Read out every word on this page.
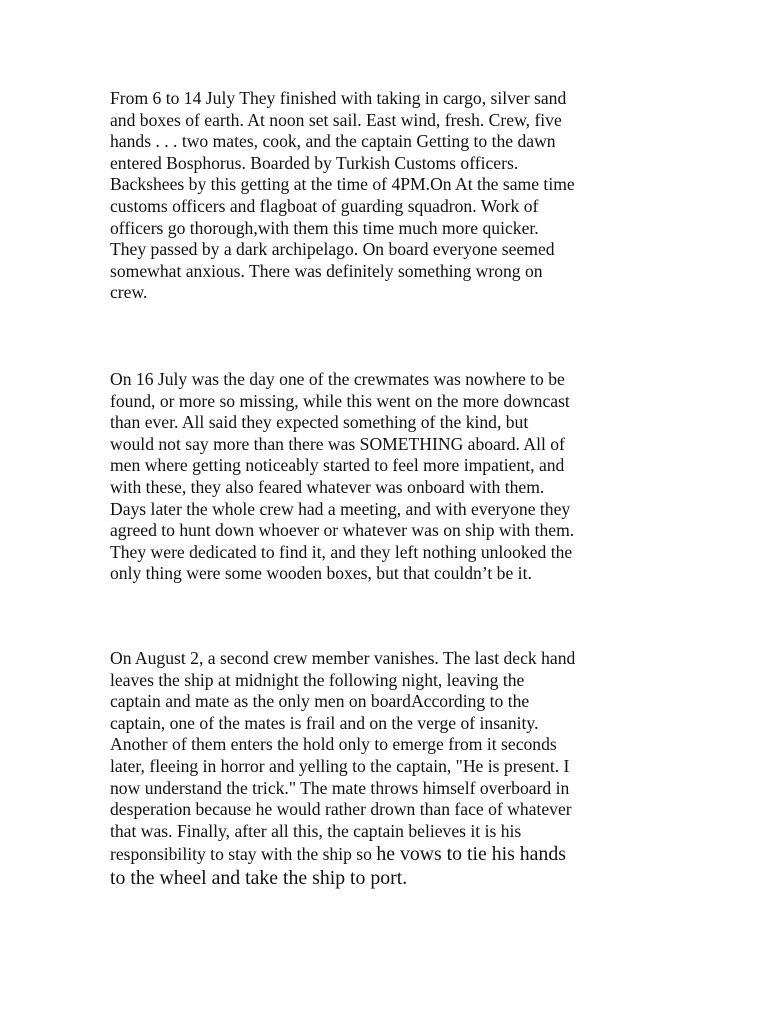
From 6 to 14 July They finished with taking in cargo, silver sand
and boxes of earth. At noon set sail. East wind, fresh. Crew, five
hands . . . two mates, cook, and the captain Getting to the dawn
entered Bosphorus. Boarded by Turkish Customs officers.
Backshees by this getting at the time of 4PM.On At the same time
customs officers and flagboat of guarding squadron. Work of
officers go thorough,with them this time much more quicker.
They passed by a dark archipelago. On board everyone seemed
somewhat anxious. There was definitely something wrong on
crew.

On 16 July was the day one of the crewmates was nowhere to be
found, or more so missing, while this went on the more downcast
than ever. All said they expected something of the kind, but
would not say more than there was SOMETHING aboard. All of
men where getting noticeably started to feel more impatient, and
with these, they also feared whatever was onboard with them.
Days later the whole crew had a meeting, and with everyone they
agreed to hunt down whoever or whatever was on ship with them.
They were dedicated to find it, and they left nothing unlooked the
only thing were some wooden boxes, but that couldn’t be it.

On August 2, a second crew member vanishes. The last deck hand
leaves the ship at midnight the following night, leaving the
captain and mate as the only men on boardAccording to the
captain, one of the mates is frail and on the verge of insanity.
Another of them enters the hold only to emerge from it seconds
later, fleeing in horror and yelling to the captain, "He is present. I
now understand the trick." The mate throws himself overboard in
desperation because he would rather drown than face of whatever
that was. Finally, after all this, the captain believes it is his
responsibility to stay with the ship so he vows to tie his hands
to the wheel and take the ship to port.
